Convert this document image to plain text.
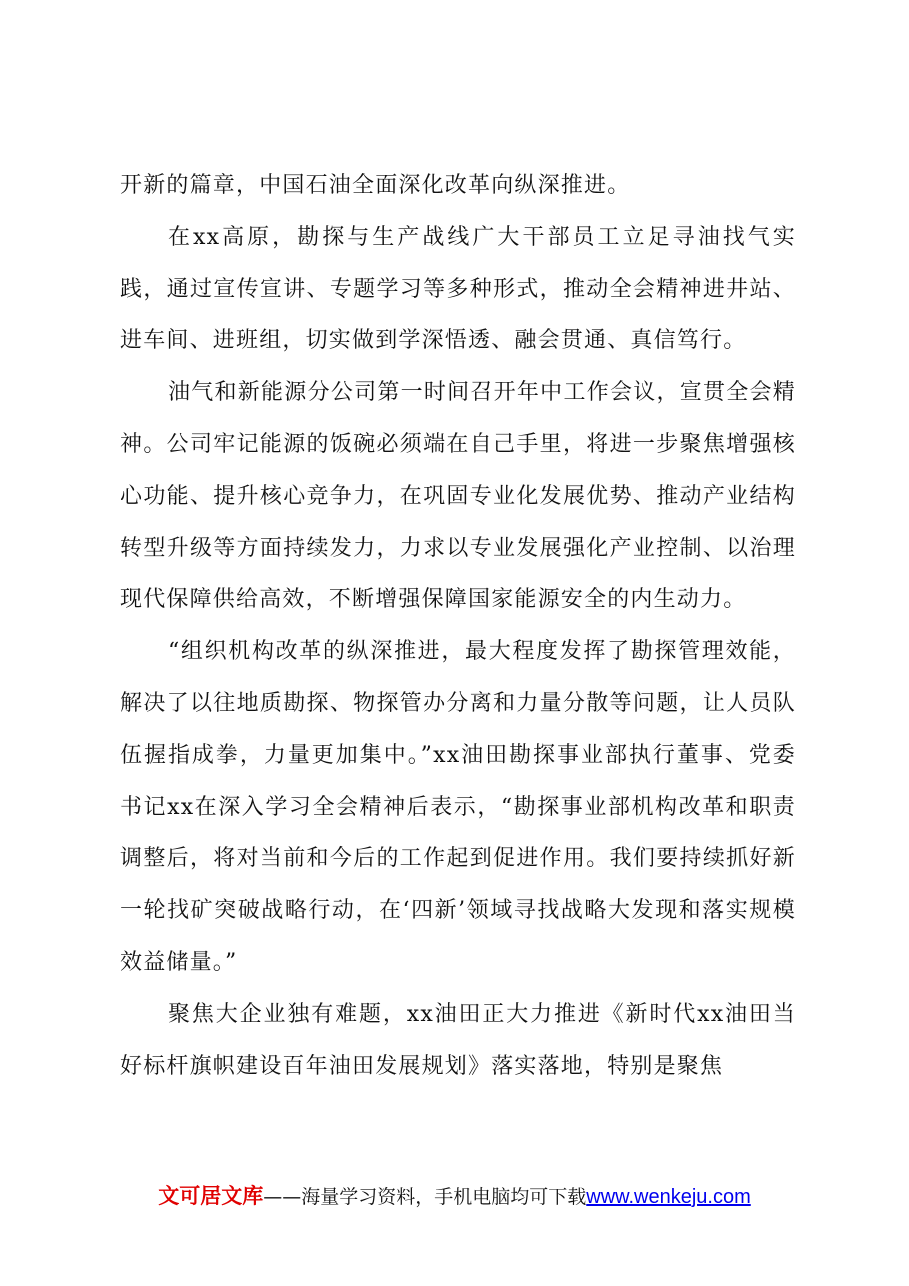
开新的篇章，中国石油全面深化改革向纵深推进。

在xx高原，勘探与生产战线广大干部员工立足寻油找气实践，通过宣传宣讲、专题学习等多种形式，推动全会精神进井站、进车间、进班组，切实做到学深悟透、融会贯通、真信笃行。

油气和新能源分公司第一时间召开年中工作会议，宣贯全会精神。公司牢记能源的饭碗必须端在自己手里，将进一步聚焦增强核心功能、提升核心竞争力，在巩固专业化发展优势、推动产业结构转型升级等方面持续发力，力求以专业发展强化产业控制、以治理现代保障供给高效，不断增强保障国家能源安全的内生动力。

“组织机构改革的纵深推进，最大程度发挥了勘探管理效能，解决了以往地质勘探、物探管办分离和力量分散等问题，让人员队伍握指成拳，力量更加集中。”xx油田勘探事业部执行董事、党委书记xx在深入学习全会精神后表示，“勘探事业部机构改革和职责调整后，将对当前和今后的工作起到促进作用。我们要持续抓好新一轮找矿突破战略行动，在‘四新’领域寻找战略大发现和落实规模效益储量。”

聚焦大企业独有难题，xx油田正大力推进《新时代xx油田当好标杆旗帜建设百年油田发展规划》落实落地，特别是聚焦

文可居文库——海量学习资料，手机电脑均可下载www.wenkeju.com
